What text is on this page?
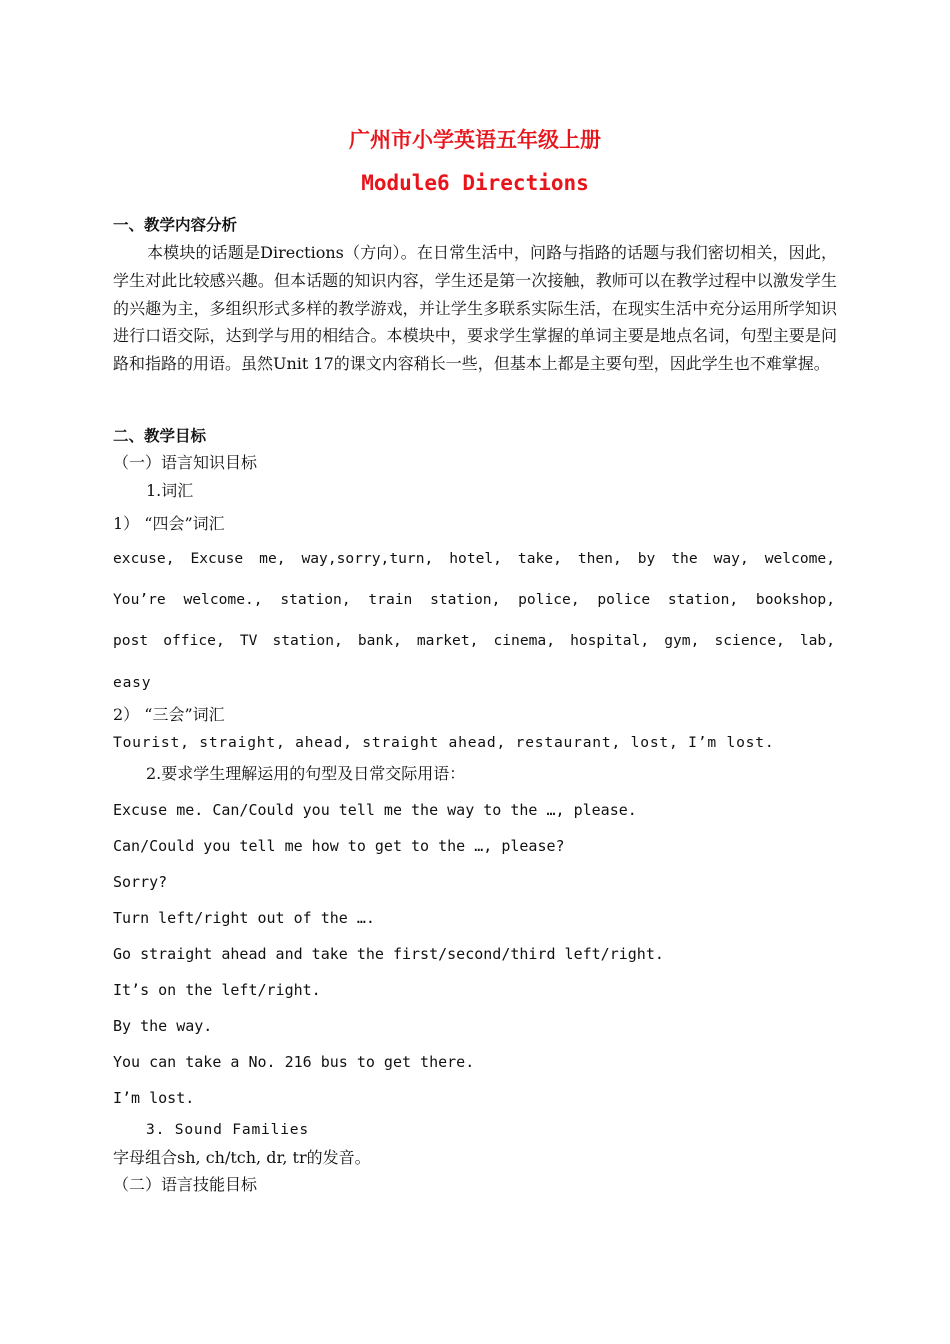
广州市小学英语五年级上册
Module6 Directions
一、教学内容分析

本模块的话题是Directions（方向）。在日常生活中，问路与指路的话题与我们密切相关，因此，学生对此比较感兴趣。但本话题的知识内容，学生还是第一次接触，教师可以在教学过程中以激发学生的兴趣为主，多组织形式多样的教学游戏，并让学生多联系实际生活，在现实生活中充分运用所学知识进行口语交际，达到学与用的相结合。本模块中，要求学生掌握的单词主要是地点名词，句型主要是问路和指路的用语。虽然Unit 17的课文内容稍长一些，但基本上都是主要句型，因此学生也不难掌握。

二、教学目标
（一）语言知识目标
1.词汇
1） “四会”词汇
excuse, Excuse me, way,sorry,turn, hotel, take, then, by the way, welcome,
You’re welcome., station, train station, police, police station, bookshop,
post office, TV station, bank, market, cinema, hospital, gym, science, lab,
easy
2） “三会”词汇
Tourist, straight, ahead, straight ahead, restaurant, lost, I’m lost.
2.要求学生理解运用的句型及日常交际用语：
Excuse me. Can/Could you tell me the way to the …, please.
Can/Could you tell me how to get to the …, please?
Sorry?
Turn left/right out of the ….
Go straight ahead and take the first/second/third left/right.
It’s on the left/right.
By the way.
You can take a No. 216 bus to get there.
I’m lost.
3. Sound Families
字母组合sh, ch/tch, dr, tr的发音。
（二）语言技能目标
